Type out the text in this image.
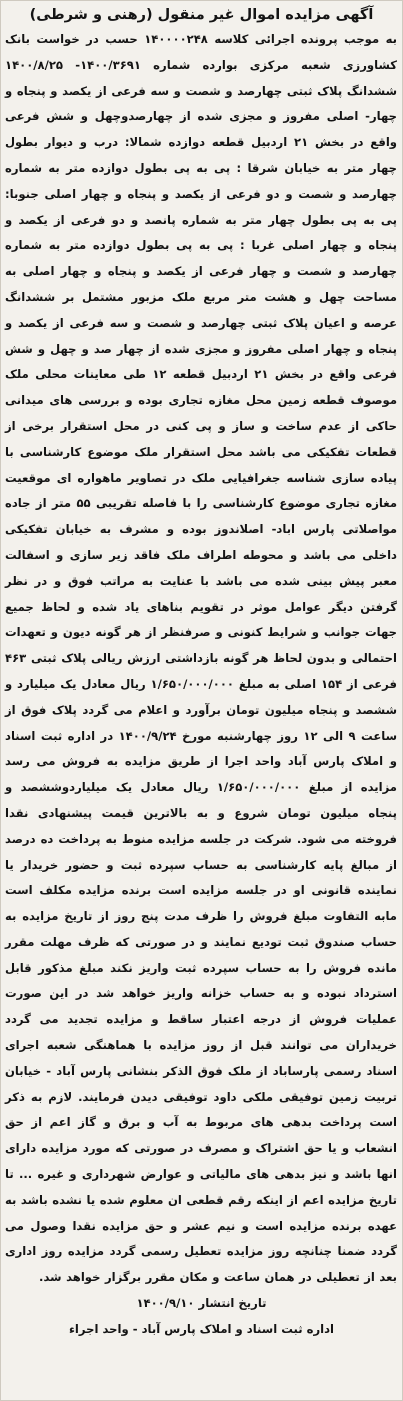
آگهی مزایده اموال غیر منقول (رهنی و شرطی)

به موجب پرونده اجرائی کلاسه ۱۴۰۰۰۰۲۴۸ حسب در خواست بانک کشاورزی شعبه مرکزی بوارده شماره ۱۴۰۰/۳۶۹۱- ۱۴۰۰/۸/۲۵ ششدانگ پلاک ثبتی چهارصد و شصت و سه فرعی از یکصد و پنجاه و چهار- اصلی مفروز و مجزی شده از چهارصدوچهل و شش فرعی واقع در بخش ۲۱ اردبیل قطعه دوازده شمالا: درب و دیوار بطول چهار متر به خیابان شرقا : پی به پی بطول دوازده متر به شماره چهارصد و شصت و دو فرعی از یکصد و پنجاه و چهار اصلی جنوبا: پی به پی بطول چهار متر به شماره پانصد و دو فرعی از یکصد و پنجاه و چهار اصلی غربا : پی به پی بطول دوازده متر به شماره چهارصد و شصت و چهار فرعی از یکصد و پنجاه و چهار اصلی به مساحت چهل و هشت متر مربع ملک مزبور مشتمل بر ششدانگ عرصه و اعیان پلاک ثبتی چهارصد و شصت و سه فرعی از یکصد و پنجاه و چهار اصلی مفروز و مجزی شده از چهار صد و چهل و شش فرعی واقع در بخش ۲۱ اردبیل قطعه ۱۲ طی معاینات محلی ملک موصوف قطعه زمین محل مغازه تجاری بوده و بررسی های میدانی حاکی از عدم ساخت و ساز و پی کنی در محل استقرار برخی از قطعات تفکیکی می باشد محل استقرار ملک موضوع کارشناسی با پیاده سازی شناسه جغرافیایی ملک در تصاویر ماهواره ای موقعیت مغازه تجاری موضوع کارشناسی را با فاصله تقریبی ۵۵ متر از جاده مواصلاتی پارس اباد- اصلاندوز بوده و مشرف به خیابان تفکیکی داخلی می باشد و محوطه اطراف ملک فاقد زیر سازی و اسفالت معبر پیش بینی شده می باشد با عنایت به مراتب فوق و در نظر گرفتن دیگر عوامل موثر در تقویم بناهای یاد شده و لحاظ جمیع جهات جوانب و شرایط کنونی و صرفنظر از هر گونه دیون و تعهدات احتمالی و بدون لحاظ هر گونه بازداشتی ارزش ریالی پلاک ثبتی ۴۶۳ فرعی از ۱۵۴ اصلی به مبلغ ۱/۶۵۰/۰۰۰/۰۰۰ ریال معادل یک میلیارد و ششصد و پنجاه میلیون تومان برآورد و اعلام می گردد پلاک فوق از ساعت ۹ الی ۱۲ روز چهارشنبه مورخ ۱۴۰۰/۹/۲۴ در اداره ثبت اسناد و املاک پارس آباد واحد اجرا از طریق مزایده به فروش می رسد مزایده از مبلغ ۱/۶۵۰/۰۰۰/۰۰۰ ریال معادل یک میلیاردوششصد و پنجاه میلیون تومان شروع و به بالاترین قیمت پیشنهادی نقدا فروخته می شود. شرکت در جلسه مزایده منوط به پرداخت ده درصد از مبالغ پایه کارشناسی به حساب سپرده ثبت و حضور خریدار یا نماینده قانونی او در جلسه مزایده است برنده مزایده مکلف است مابه التفاوت مبلغ فروش را ظرف مدت پنج روز از تاریخ مزایده به حساب صندوق ثبت تودیع نمایند و در صورتی که ظرف مهلت مقرر مانده فروش را به حساب سپرده ثبت واریز نکند مبلغ مذکور قابل استرداد نبوده و به حساب خزانه واریز خواهد شد در این صورت عملیات فروش از درجه اعتبار ساقط و مزایده تجدید می گردد خریداران می توانند قبل از روز مزایده با هماهنگی شعبه اجرای اسناد رسمی پارساباد از ملک فوق الذکر بنشانی پارس آباد - خیابان تربیت زمین توفیقی ملکی داود توفیقی دیدن فرمایند. لازم به ذکر است پرداخت بدهی های مربوط به آب و برق و گاز اعم از حق انشعاب و یا حق اشتراک و مصرف در صورتی که مورد مزایده دارای انها باشد و نیز بدهی های مالیاتی و عوارض شهرداری و غیره ... تا تاریخ مزایده اعم از اینکه رقم قطعی ان معلوم شده یا نشده باشد به عهده برنده مزایده است و نیم عشر و حق مزایده نقدا وصول می گردد ضمنا چنانچه روز مزایده تعطیل رسمی گردد مزایده روز اداری بعد از تعطیلی در همان ساعت و مکان مقرر برگزار خواهد شد.

تاریخ انتشار ۱۴۰۰/۹/۱۰
اداره ثبت اسناد و املاک پارس آباد - واحد اجراء
